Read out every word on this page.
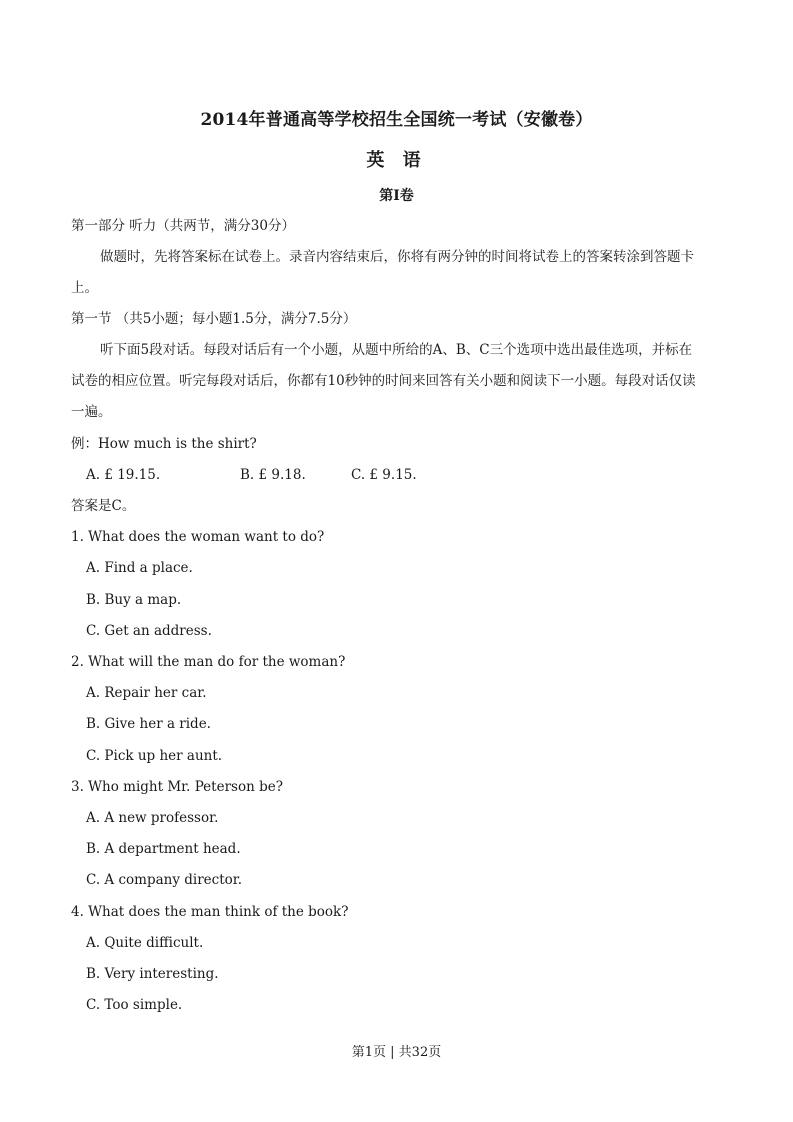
2014年普通高等学校招生全国统一考试（安徽卷）
英 语
第Ⅰ卷
第一部分 听力（共两节，满分30分）
做题时，先将答案标在试卷上。录音内容结束后，你将有两分钟的时间将试卷上的答案转涂到答题卡
上。
第一节 （共5小题；每小题1.5分，满分7.5分）
听下面5段对话。每段对话后有一个小题，从题中所给的A、B、C三个选项中选出最佳选项，并标在
试卷的相应位置。听完每段对话后，你都有10秒钟的时间来回答有关小题和阅读下一小题。每段对话仅读
一遍。
例：How much is the shirt?
A. £ 19.15.	B. £ 9.18.	C. £ 9.15.
答案是C。
1. What does the woman want to do?
A. Find a place.
B. Buy a map.
C. Get an address.
2. What will the man do for the woman?
A. Repair her car.
B. Give her a ride.
C. Pick up her aunt.
3. Who might Mr. Peterson be?
A. A new professor.
B. A department head.
C. A company director.
4. What does the man think of the book?
A. Quite difficult.
B. Very interesting.
C. Too simple.
第1页 | 共32页
